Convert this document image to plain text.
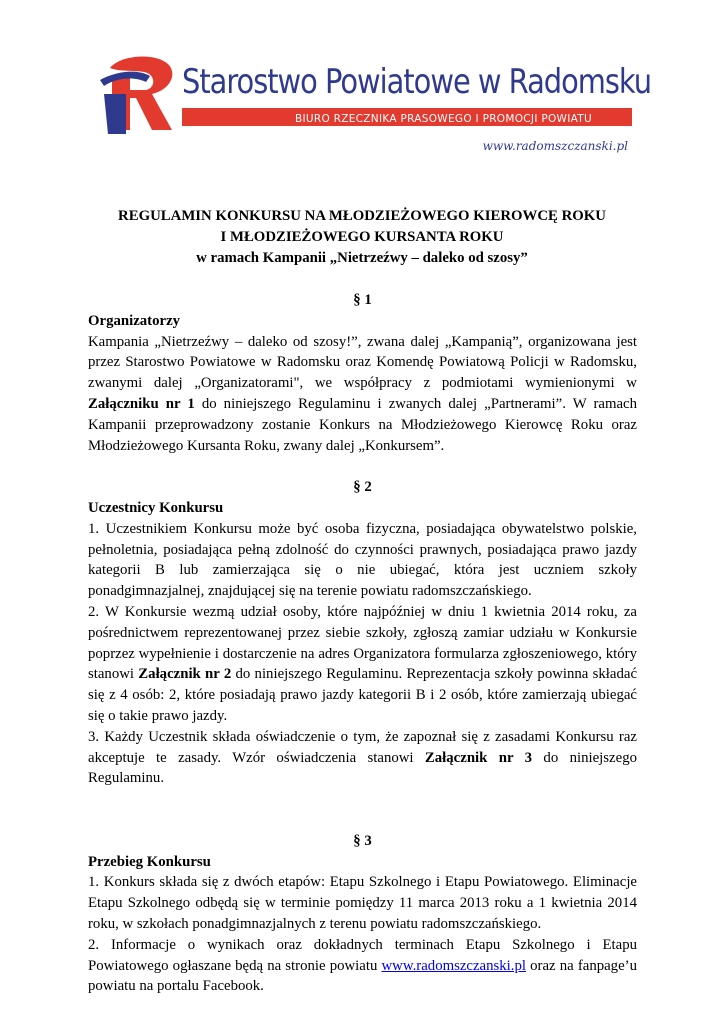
Starostwo Powiatowe w Radomsku
BIURO RZECZNIKA PRASOWEGO I PROMOCJI POWIATU
www.radomszczanski.pl
REGULAMIN KONKURSU NA MŁODZIEŻOWEGO KIEROWCĘ ROKU
I MŁODZIEŻOWEGO KURSANTA ROKU
w ramach Kampanii „Nietrzeźwy – daleko od szosy”
§ 1
Organizatorzy
Kampania „Nietrzeźwy – daleko od szosy!”, zwana dalej „Kampanią”, organizowana jest przez Starostwo Powiatowe w Radomsku oraz Komendę Powiatową Policji w Radomsku, zwanymi dalej „Organizatorami", we współpracy z podmiotami wymienionymi w Załączniku nr 1 do niniejszego Regulaminu i zwanych dalej „Partnerami”. W ramach Kampanii przeprowadzony zostanie Konkurs na Młodzieżowego Kierowcę Roku oraz Młodzieżowego Kursanta Roku, zwany dalej „Konkursem”.
§ 2
Uczestnicy Konkursu
1. Uczestnikiem Konkursu może być osoba fizyczna, posiadająca obywatelstwo polskie, pełnoletnia, posiadająca pełną zdolność do czynności prawnych, posiadająca prawo jazdy kategorii B lub zamierzająca się o nie ubiegać, która jest uczniem szkoły ponadgimnazjalnej, znajdującej się na terenie powiatu radomszczańskiego.
2. W Konkursie wezmą udział osoby, które najpóźniej w dniu 1 kwietnia 2014 roku, za pośrednictwem reprezentowanej przez siebie szkoły, zgłoszą zamiar udziału w Konkursie poprzez wypełnienie i dostarczenie na adres Organizatora formularza zgłoszeniowego, który stanowi Załącznik nr 2 do niniejszego Regulaminu. Reprezentacja szkoły powinna składać się z 4 osób: 2, które posiadają prawo jazdy kategorii B i 2 osób, które zamierzają ubiegać się o takie prawo jazdy.
3. Każdy Uczestnik składa oświadczenie o tym, że zapoznał się z zasadami Konkursu raz akceptuje te zasady. Wzór oświadczenia stanowi Załącznik nr 3 do niniejszego Regulaminu.
§ 3
Przebieg Konkursu
1. Konkurs składa się z dwóch etapów: Etapu Szkolnego i Etapu Powiatowego. Eliminacje Etapu Szkolnego odbędą się w terminie pomiędzy 11 marca 2013 roku a 1 kwietnia 2014 roku, w szkołach ponadgimnazjalnych z terenu powiatu radomszczańskiego.
2. Informacje o wynikach oraz dokładnych terminach Etapu Szkolnego i Etapu Powiatowego ogłaszane będą na stronie powiatu www.radomszczanski.pl oraz na fanpage’u powiatu na portalu Facebook.
